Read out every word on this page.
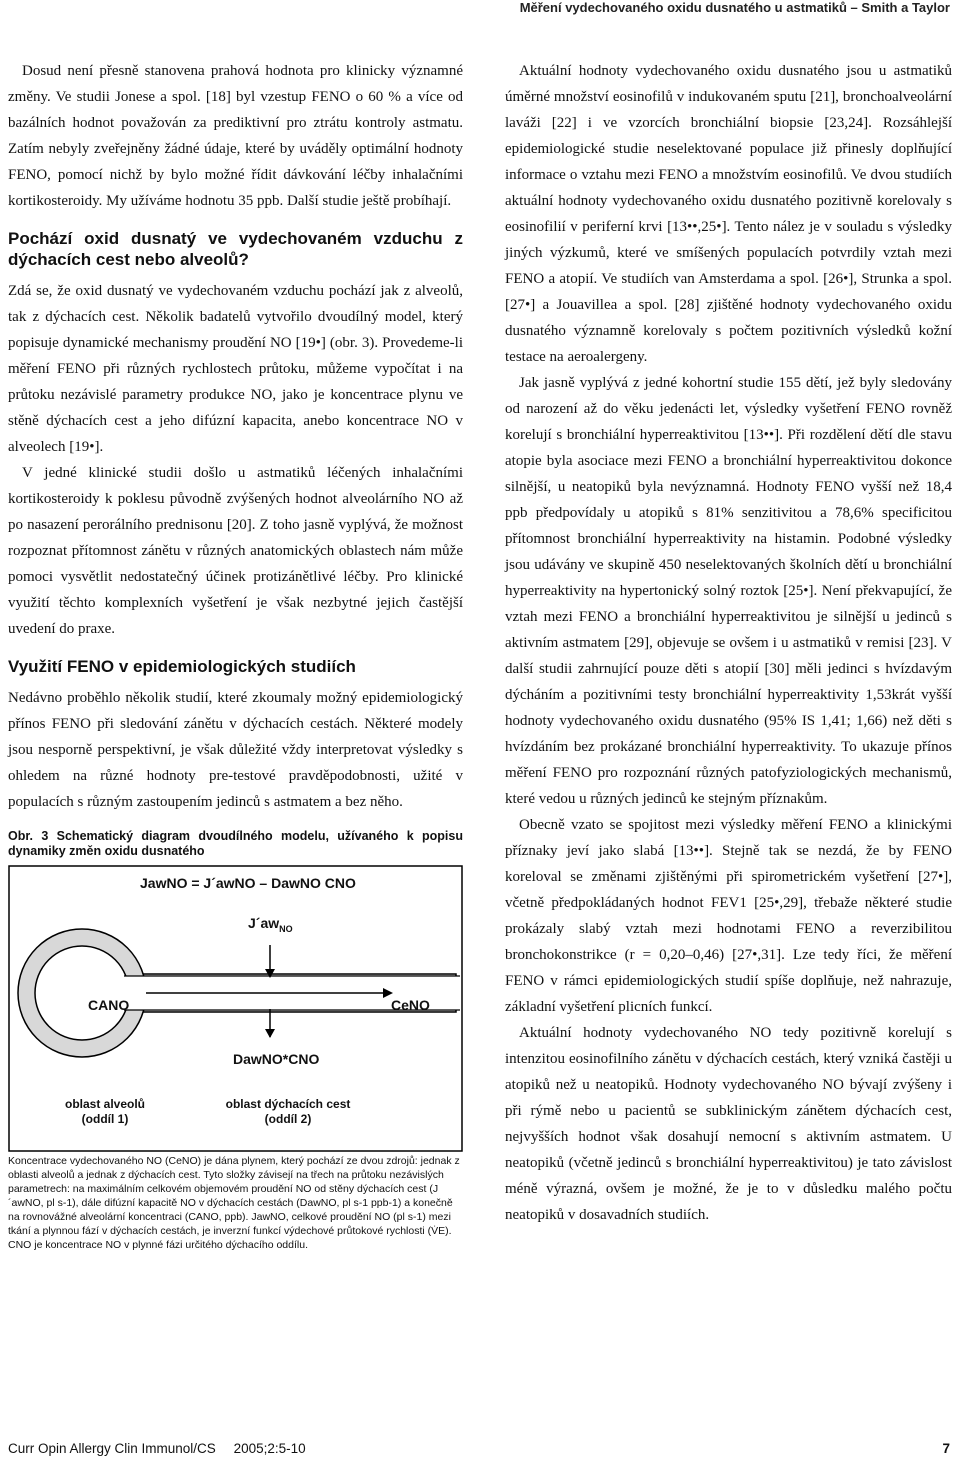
Měření vydechovaného oxidu dusnatého u astmatiků – Smith a Taylor

Dosud není přesně stanovena prahová hodnota pro klinicky významné změny. Ve studii Jonese a spol. [18] byl vzestup FENO o 60 % a více od bazálních hodnot považován za prediktivní pro ztrátu kontroly astmatu. Zatím nebyly zveřejněny žádné údaje, které by uváděly optimální hodnoty FENO, pomocí nichž by bylo možné řídit dávkování léčby inhalačními kortikosteroidy. My užíváme hodnotu 35 ppb. Další studie ještě probíhají.

Pochází oxid dusnatý ve vydechovaném vzduchu z dýchacích cest nebo alveolů?

Zdá se, že oxid dusnatý ve vydechovaném vzduchu pochází jak z alveolů, tak z dýchacích cest. Několik badatelů vytvořilo dvoudílný model, který popisuje dynamické mechanismy proudění NO [19•] (obr. 3). Provedeme-li měření FENO při různých rychlostech průtoku, můžeme vypočítat i na průtoku nezávislé parametry produkce NO, jako je koncentrace plynu ve stěně dýchacích cest a jeho difúzní kapacita, anebo koncentrace NO v alveolech [19•].

V jedné klinické studii došlo u astmatiků léčených inhalačními kortikosteroidy k poklesu původně zvýšených hodnot alveolárního NO až po nasazení perorálního prednisonu [20]. Z toho jasně vyplývá, že možnost rozpoznat přítomnost zánětu v různých anatomických oblastech nám může pomoci vysvětlit nedostatečný účinek protizánětlivé léčby. Pro klinické využití těchto komplexních vyšetření je však nezbytné jejich častější uvedení do praxe.

Využití FENO v epidemiologických studiích

Nedávno proběhlo několik studií, které zkoumaly možný epidemiologický přínos FENO při sledování zánětu v dýchacích cestách. Některé modely jsou nesporně perspektivní, je však důležité vždy interpretovat výsledky s ohledem na různé hodnoty pre-testové pravděpodobnosti, užité v populacích s různým zastoupením jedinců s astmatem a bez něho.

Obr. 3 Schematický diagram dvoudílného modelu, užívaného k popisu dynamiky změn oxidu dusnatého
JawNO = J´awNO – DawNO CNO
$J´aw_{NO}$
CANO	CeNO
DawNO*CNO
oblast alveolů (oddíl 1)
oblast dýchacích cest (oddíl 2)
Koncentrace vydechovaného NO (CeNO) je dána plynem, který pochází ze dvou zdrojů: jednak z oblasti alveolů a jednak z dýchacích cest. Tyto složky závisejí na třech na průtoku nezávislých parametrech: na maximálním celkovém objemovém proudění NO od stěny dýchacích cest (J´awNO, pl s-1), dále difúzní kapacitě NO v dýchacích cestách (DawNO, pl s-1 ppb-1) a konečně na rovnovážné alveolární koncentraci (CANO, ppb). JawNO, celkové proudění NO (pl s-1) mezi tkání a plynnou fází v dýchacích cestách, je inverzní funkcí výdechové průtokové rychlosti (V̇E). CNO je koncentrace NO v plynné fázi určitého dýchacího oddílu.

Aktuální hodnoty vydechovaného oxidu dusnatého jsou u astmatiků úměrné množství eosinofilů v indukovaném sputu [21], bronchoalveolární laváži [22] i ve vzorcích bronchiální biopsie [23,24]. Rozsáhlejší epidemiologické studie neselektované populace již přinesly doplňující informace o vztahu mezi FENO a množstvím eosinofilů. Ve dvou studiích aktuální hodnoty vydechovaného oxidu dusnatého pozitivně korelovaly s eosinofilií v periferní krvi [13••,25•]. Tento nález je v souladu s výsledky jiných výzkumů, které ve smíšených populacích potvrdily vztah mezi FENO a atopií. Ve studiích van Amsterdama a spol. [26•], Strunka a spol. [27•] a Jouavillea a spol. [28] zjištěné hodnoty vydechovaného oxidu dusnatého významně korelovaly s počtem pozitivních výsledků kožní testace na aeroalergeny.

Jak jasně vyplývá z jedné kohortní studie 155 dětí, jež byly sledovány od narození až do věku jedenácti let, výsledky vyšetření FENO rovněž korelují s bronchiální hyperreaktivitou [13••]. Při rozdělení dětí dle stavu atopie byla asociace mezi FENO a bronchiální hyperreaktivitou dokonce silnější, u neatopiků byla nevýznamná. Hodnoty FENO vyšší než 18,4 ppb předpovídaly u atopiků s 81% senzitivitou a 78,6% specificitou přítomnost bronchiální hyperreaktivity na histamin. Podobné výsledky jsou udávány ve skupině 450 neselektovaných školních dětí u bronchiální hyperreaktivity na hypertonický solný roztok [25•]. Není překvapující, že vztah mezi FENO a bronchiální hyperreaktivitou je silnější u jedinců s aktivním astmatem [29], objevuje se ovšem i u astmatiků v remisi [23]. V další studii zahrnující pouze děti s atopií [30] měli jedinci s hvízdavým dýcháním a pozitivními testy bronchiální hyperreaktivity 1,53krát vyšší hodnoty vydechovaného oxidu dusnatého (95% IS 1,41; 1,66) než děti s hvízdáním bez prokázané bronchiální hyperreaktivity. To ukazuje přínos měření FENO pro rozpoznání různých patofyziologických mechanismů, které vedou u různých jedinců ke stejným příznakům.

Obecně vzato se spojitost mezi výsledky měření FENO a klinickými příznaky jeví jako slabá [13••]. Stejně tak se nezdá, že by FENO koreloval se změnami zjištěnými při spirometrickém vyšetření [27•], včetně předpokládaných hodnot FEV1 [25•,29], třebaže některé studie prokázaly slabý vztah mezi hodnotami FENO a reverzibilitou bronchokonstrikce (r = 0,20–0,46) [27•,31]. Lze tedy říci, že měření FENO v rámci epidemiologických studií spíše doplňuje, než nahrazuje, základní vyšetření plicních funkcí.

Aktuální hodnoty vydechovaného NO tedy pozitivně korelují s intenzitou eosinofilního zánětu v dýchacích cestách, který vzniká častěji u atopiků než u neatopiků. Hodnoty vydechovaného NO bývají zvýšeny i při rýmě nebo u pacientů se subklinickým zánětem dýchacích cest, nejvyšších hodnot však dosahují nemocní s aktivním astmatem. U neatopiků (včetně jedinců s bronchiální hyperreaktivitou) je tato závislost méně výrazná, ovšem je možné, že je to v důsledku malého počtu neatopiků v dosavadních studiích.

Curr Opin Allergy Clin Immunol/CS 2005;2:5-10	7
